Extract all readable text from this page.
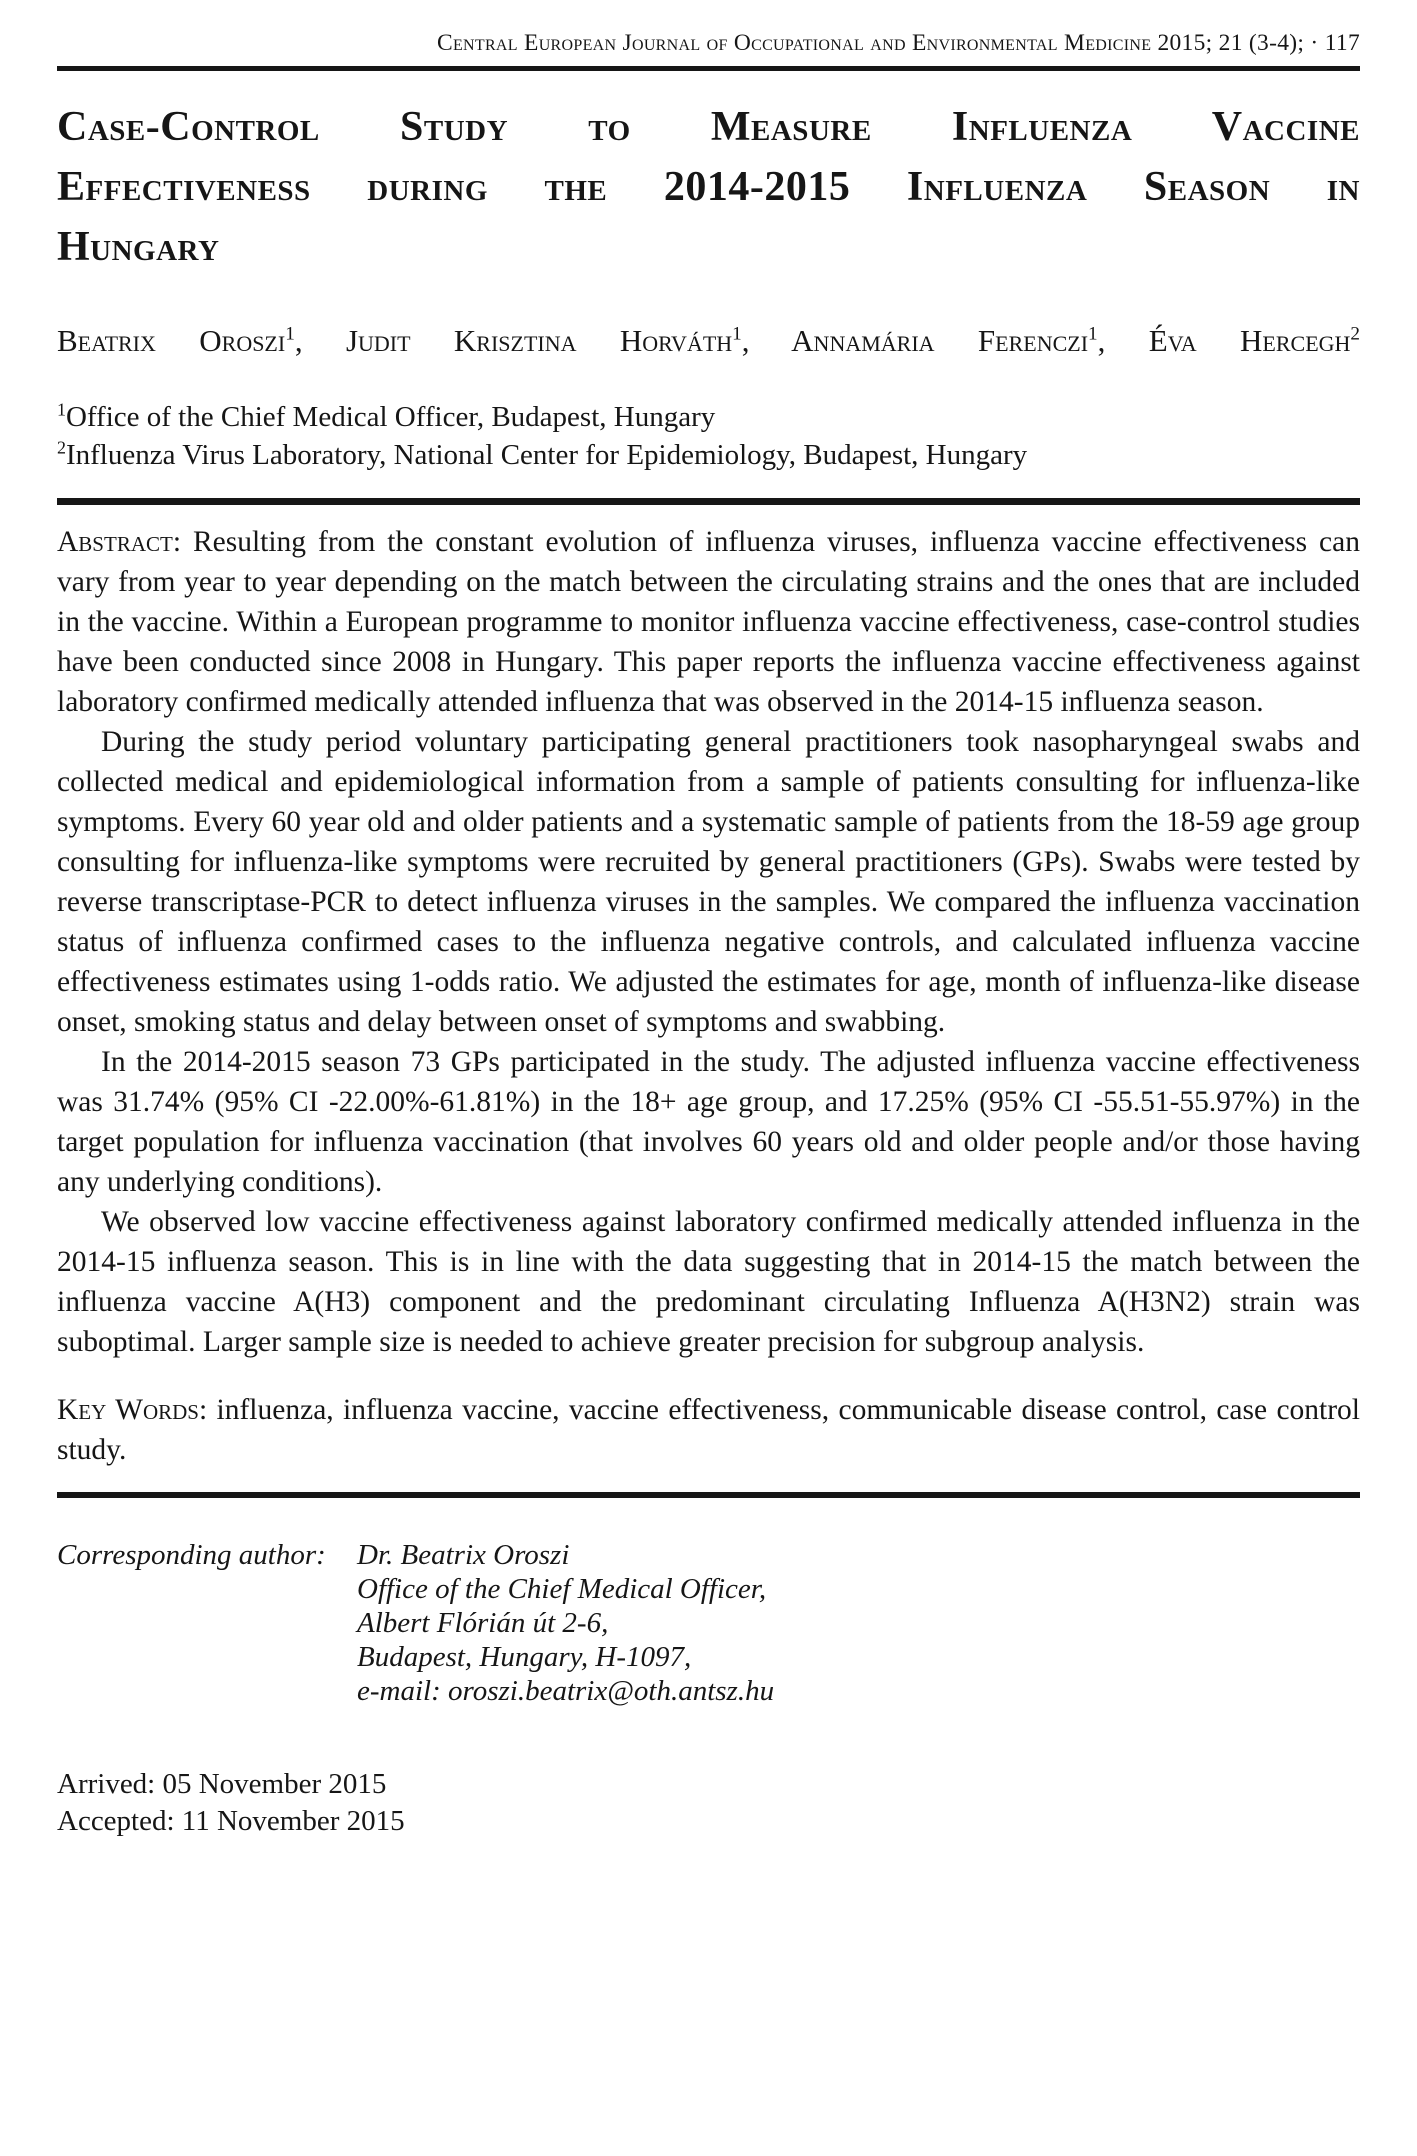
Central European Journal of Occupational and Environmental Medicine 2015; 21 (3-4); · 117
Case-Control Study to Measure Influenza Vaccine
Effectiveness during the 2014-2015 Influenza Season in
Hungary
Beatrix Oroszi$^1$, Judit Krisztina Horváth$^1$, Annamária Ferenczi$^1$, Éva Hercegh$^2$
$^1$Office of the Chief Medical Officer, Budapest, Hungary
$^2$Influenza Virus Laboratory, National Center for Epidemiology, Budapest, Hungary

Abstract: Resulting from the constant evolution of influenza viruses, influenza vaccine effectiveness can vary from year to year depending on the match between the circulating strains and the ones that are included in the vaccine. Within a European programme to monitor influenza vaccine effectiveness, case-control studies have been conducted since 2008 in Hungary. This paper reports the influenza vaccine effectiveness against laboratory confirmed medically attended influenza that was observed in the 2014-15 influenza season.

During the study period voluntary participating general practitioners took nasopharyngeal swabs and collected medical and epidemiological information from a sample of patients consulting for influenza-like symptoms. Every 60 year old and older patients and a systematic sample of patients from the 18-59 age group consulting for influenza-like symptoms were recruited by general practitioners (GPs). Swabs were tested by reverse transcriptase-PCR to detect influenza viruses in the samples. We compared the influenza vaccination status of influenza confirmed cases to the influenza negative controls, and calculated influenza vaccine effectiveness estimates using 1-odds ratio. We adjusted the estimates for age, month of influenza-like disease onset, smoking status and delay between onset of symptoms and swabbing.

In the 2014-2015 season 73 GPs participated in the study. The adjusted influenza vaccine effectiveness was 31.74% (95% CI -22.00%-61.81%) in the 18+ age group, and 17.25% (95% CI -55.51-55.97%) in the target population for influenza vaccination (that involves 60 years old and older people and/or those having any underlying conditions).

We observed low vaccine effectiveness against laboratory confirmed medically attended influenza in the 2014-15 influenza season. This is in line with the data suggesting that in 2014-15 the match between the influenza vaccine A(H3) component and the predominant circulating Influenza A(H3N2) strain was suboptimal. Larger sample size is needed to achieve greater precision for subgroup analysis.

Key Words: influenza, influenza vaccine, vaccine effectiveness, communicable disease control, case control study.

Corresponding author:	Dr. Beatrix Oroszi
Office of the Chief Medical Officer,
Albert Flórián út 2-6,
Budapest, Hungary, H-1097,
e-mail: oroszi.beatrix@oth.antsz.hu
Arrived: 05 November 2015
Accepted: 11 November 2015
